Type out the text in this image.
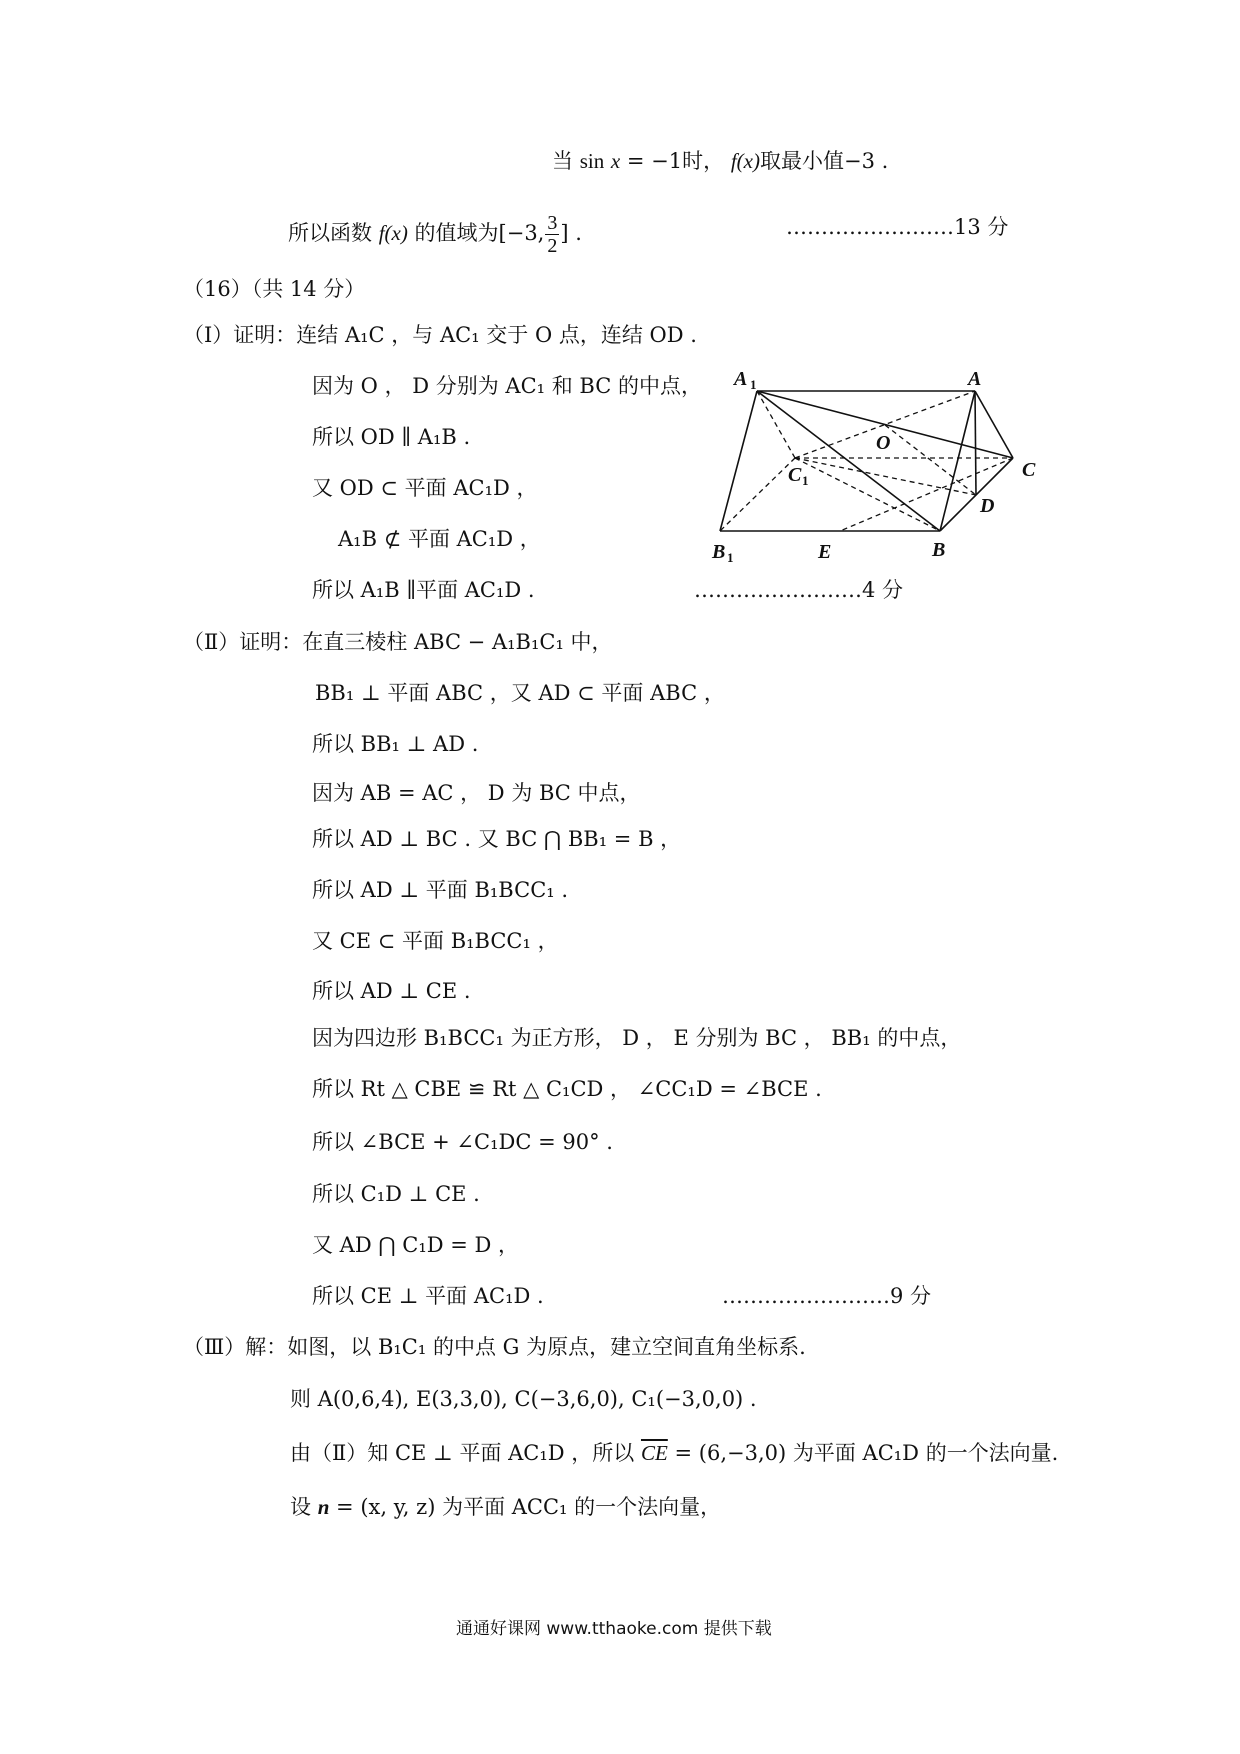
当 sin x = −1时， f(x)取最小值−3 .
所以函数 f(x) 的值域为[−3, $\frac{3}{2}$ ] .	……………………13 分
（16）（共 14 分）
（Ⅰ）证明：连结 A₁C ，与 AC₁ 交于 O 点，连结 OD .
因为 O ， D 分别为 AC₁ 和 BC 的中点，
所以 OD ∥ A₁B .
又 OD ⊂ 平面 AC₁D ，
A₁B ⊄ 平面 AC₁D ，
所以 A₁B ∥平面 AC₁D .	……………………4 分
A 1	A
O
C 1	C
D
B 1	E	B
（Ⅱ）证明：在直三棱柱 ABC − A₁B₁C₁ 中，
BB₁ ⊥ 平面 ABC ，又 AD ⊂ 平面 ABC ，
所以 BB₁ ⊥ AD .
因为 AB = AC ， D 为 BC 中点，
所以 AD ⊥ BC . 又 BC ⋂ BB₁ = B ，
所以 AD ⊥ 平面 B₁BCC₁ .
又 CE ⊂ 平面 B₁BCC₁ ，
所以 AD ⊥ CE .
因为四边形 B₁BCC₁ 为正方形， D ， E 分别为 BC ， BB₁ 的中点，
所以 Rt △ CBE ≌ Rt △ C₁CD ， ∠CC₁D = ∠BCE .
所以 ∠BCE + ∠C₁DC = 90° .
所以 C₁D ⊥ CE .
又 AD ⋂ C₁D = D ，
所以 CE ⊥ 平面 AC₁D .	……………………9 分
（Ⅲ）解：如图，以 B₁C₁ 的中点 G 为原点，建立空间直角坐标系.
则 A(0,6,4), E(3,3,0), C(−3,6,0), C₁(−3,0,0) .
由（Ⅱ）知 CE ⊥ 平面 AC₁D ，所以 $\overline{CE} = (6,-3,0)$ 为平面 AC₁D 的一个法向量.
设 n = (x, y, z) 为平面 ACC₁ 的一个法向量，
通通好课网 www.tthaoke.com 提供下载
